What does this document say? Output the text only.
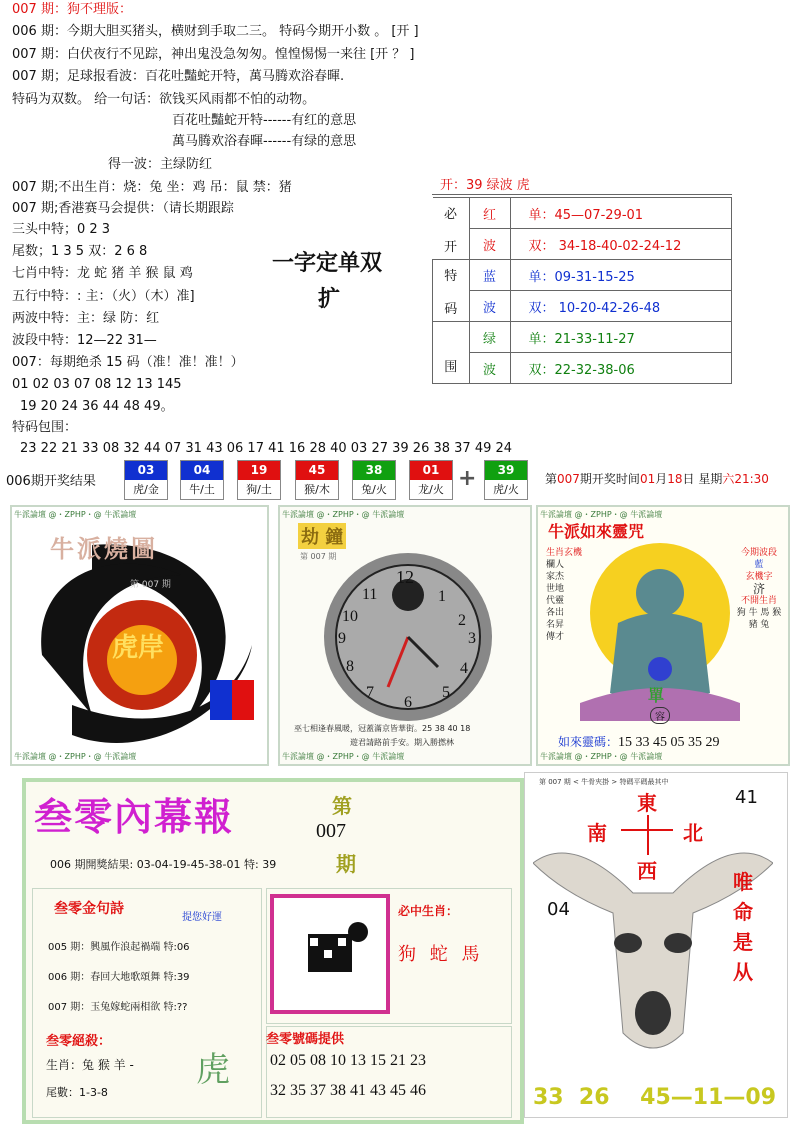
007 期：狗不理版：
006 期：今期大胆买猪头，横财到手取二三。 特码今期开小数 。 [开 ]
007 期：白伏夜行不见踪，神出鬼没急匆匆。惶惶惕惕一来往 [开 ？ ]
007 期；足球报看波：百花吐豔蛇开特，萬马腾欢浴春暉.
特码为双数。 给一句话：欲钱买风雨都不怕的动物。
百花吐豔蛇开特------有红的意思
萬马腾欢浴春暉------有绿的意思
得一波：主绿防红
007 期;不出生肖：烧：兔 坐：鸡 吊：鼠 禁：猪
007 期;香港赛马会提供：（请长期跟踪
三头中特；0 2 3
尾数；1 3 5 双：2 6 8
七肖中特：龙 蛇 猪 羊 猴 鼠 鸡
五行中特：: 主：（火）（木）准]
两波中特：主：绿 防：红
波段中特：12—22 31—
007：每期绝杀 15 码（准！准！准！）
01 02 03 07 08 12 13 145
19 20 24 36 44 48 49。
特码包围：
23 22 21 33 08 32 44 07 31 43 06 17 41 16 28 40 03 27 39 26 38 37 49 24
一字定单双
扩
开：39 绿波 虎
必
开	红	单：45—07-29-01
	波	双： 34-18-40-02-24-12

特
码	蓝	单：09-31-15-25
	波	双： 10-20-42-26-48

围	绿	单：21-33-11-27
	波	双：22-32-38-06
006期开奖结果
03
虎/金
04
牛/土
19
狗/土
45
猴/木
38
兔/火
01
龙/火 +	39
虎/火
第007期开奖时间01月18日 星期六21:30
牛派論壇 @・ZPHP・@ 牛派論壇
牛派論壇 @・ZPHP・@ 牛派論壇
牛派燒圖
第 007 期
虎岸
牛派論壇 @・ZPHP・@ 牛派論壇
牛派論壇 @・ZPHP・@ 牛派論壇
劫 鐘
第 007 期
12
1
2
3
4
5
6
7
8
9
10
11
巫七相逢春風暖，冠蓋滿京皆華街。25 38 40 18
遊君請路前手安。期入勝撚林
牛派論壇 @・ZPHP・@ 牛派論壇
牛派論壇 @・ZPHP・@ 牛派論壇
牛派如來靈咒
生肖玄機
欄人
家杰
世地
代靈
各出
名昇
傳才
今期波段
藍
玄機字
济
不開生肖
狗 牛 馬 猴 豬 兔
單
容
如來靈碼：15 33 45 05 35 29
叁零內幕報	第
007
期
006 期開獎結果: 03-04-19-45-38-01 特: 39
叁零金句詩
提您好運
005 期：興風作浪起禍端 特:06
006 期：春回大地歌頌舞 特:39
007 期：玉兔嫁蛇兩相欲 特:??
叁零絕殺：
生肖：兔 猴 羊 -
尾數：1-3-8
虎
必中生肖：
狗 蛇 馬
叁零號碼提供
02 05 08 10 13 15 21 23
32 35 37 38 41 43 45 46
第 007 期 < 牛骨夾掛 > 特碼平碼最其中
東
南	北
西
41
04
唯
命
是
从
33  26    45—11—09
